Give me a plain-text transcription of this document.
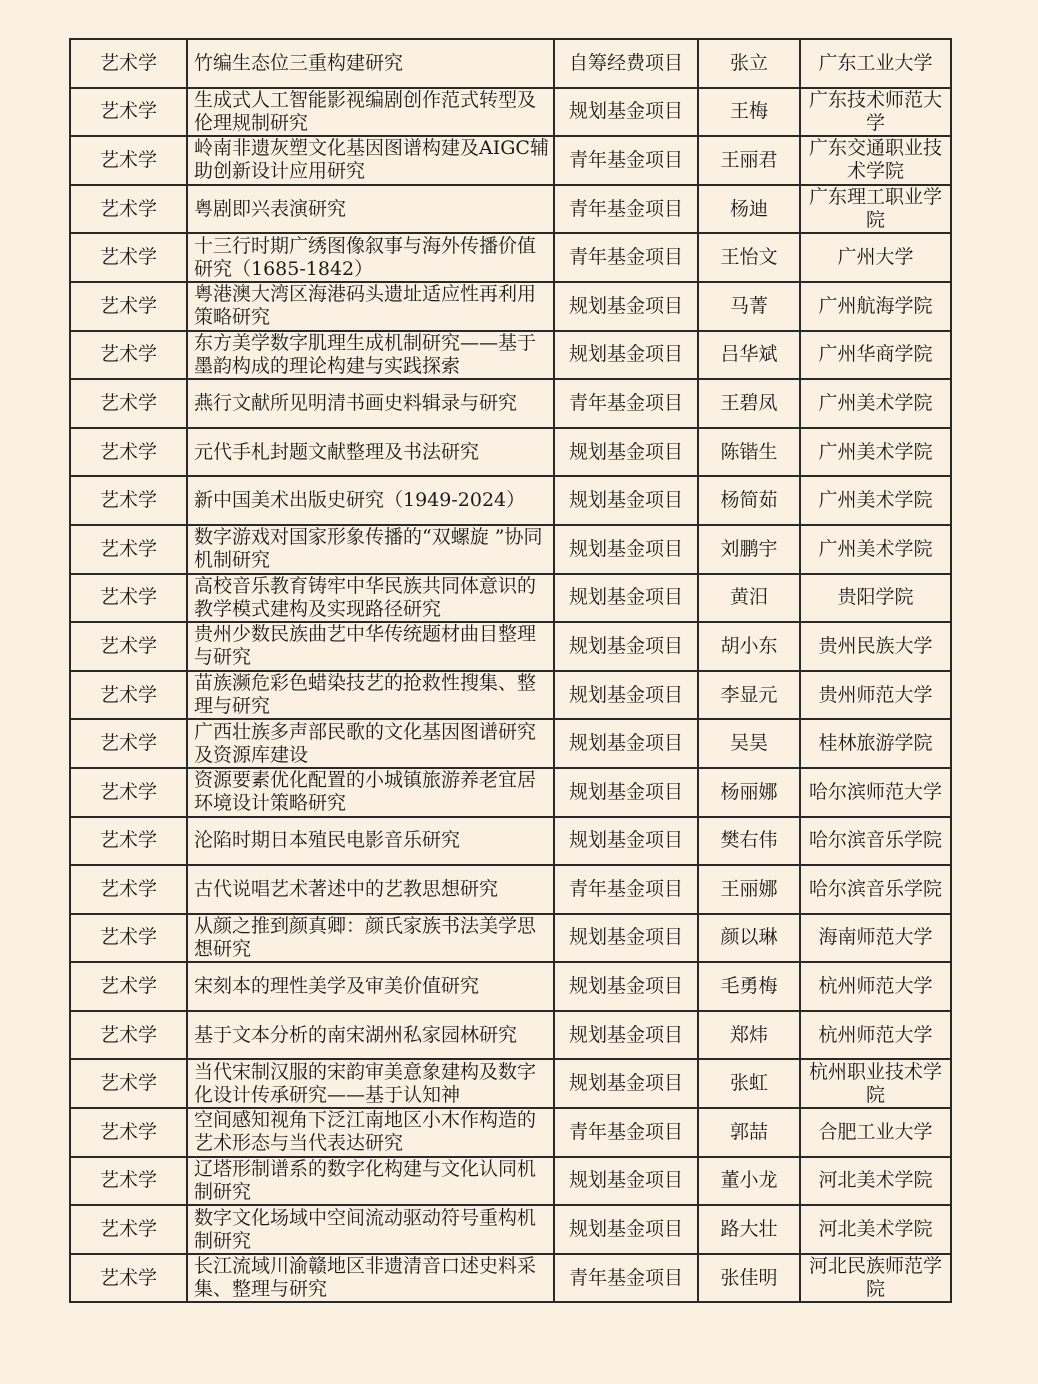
艺术学	竹编生态位三重构建研究	自筹经费项目	张立	广东工业大学
艺术学	生成式人工智能影视编剧创作范式转型及伦理规制研究	规划基金项目	王梅	广东技术师范大学
艺术学	岭南非遗灰塑文化基因图谱构建及AIGC辅助创新设计应用研究	青年基金项目	王丽君	广东交通职业技术学院
艺术学	粤剧即兴表演研究	青年基金项目	杨迪	广东理工职业学院
艺术学	十三行时期广绣图像叙事与海外传播价值研究（1685-1842）	青年基金项目	王怡文	广州大学
艺术学	粤港澳大湾区海港码头遗址适应性再利用策略研究	规划基金项目	马菁	广州航海学院
艺术学	东方美学数字肌理生成机制研究——基于墨韵构成的理论构建与实践探索	规划基金项目	吕华斌	广州华商学院
艺术学	燕行文献所见明清书画史料辑录与研究	青年基金项目	王碧凤	广州美术学院
艺术学	元代手札封题文献整理及书法研究	规划基金项目	陈锴生	广州美术学院
艺术学	新中国美术出版史研究（1949-2024）	规划基金项目	杨简茹	广州美术学院
艺术学	数字游戏对国家形象传播的“双螺旋 ”协同机制研究	规划基金项目	刘鹏宇	广州美术学院
艺术学	高校音乐教育铸牢中华民族共同体意识的教学模式建构及实现路径研究	规划基金项目	黄汨	贵阳学院
艺术学	贵州少数民族曲艺中华传统题材曲目整理与研究	规划基金项目	胡小东	贵州民族大学
艺术学	苗族濒危彩色蜡染技艺的抢救性搜集、整理与研究	规划基金项目	李显元	贵州师范大学
艺术学	广西壮族多声部民歌的文化基因图谱研究及资源库建设	规划基金项目	吴昊	桂林旅游学院
艺术学	资源要素优化配置的小城镇旅游养老宜居环境设计策略研究	规划基金项目	杨丽娜	哈尔滨师范大学
艺术学	沦陷时期日本殖民电影音乐研究	规划基金项目	樊右伟	哈尔滨音乐学院
艺术学	古代说唱艺术著述中的艺教思想研究	青年基金项目	王丽娜	哈尔滨音乐学院
艺术学	从颜之推到颜真卿：颜氏家族书法美学思想研究	规划基金项目	颜以琳	海南师范大学
艺术学	宋刻本的理性美学及审美价值研究	规划基金项目	毛勇梅	杭州师范大学
艺术学	基于文本分析的南宋湖州私家园林研究	规划基金项目	郑炜	杭州师范大学
艺术学	当代宋制汉服的宋韵审美意象建构及数字化设计传承研究——基于认知神	规划基金项目	张虹	杭州职业技术学院
艺术学	空间感知视角下泛江南地区小木作构造的艺术形态与当代表达研究	青年基金项目	郭喆	合肥工业大学
艺术学	辽塔形制谱系的数字化构建与文化认同机制研究	规划基金项目	董小龙	河北美术学院
艺术学	数字文化场域中空间流动驱动符号重构机制研究	规划基金项目	路大壮	河北美术学院
艺术学	长江流域川渝赣地区非遗清音口述史料采集、整理与研究	青年基金项目	张佳明	河北民族师范学院
